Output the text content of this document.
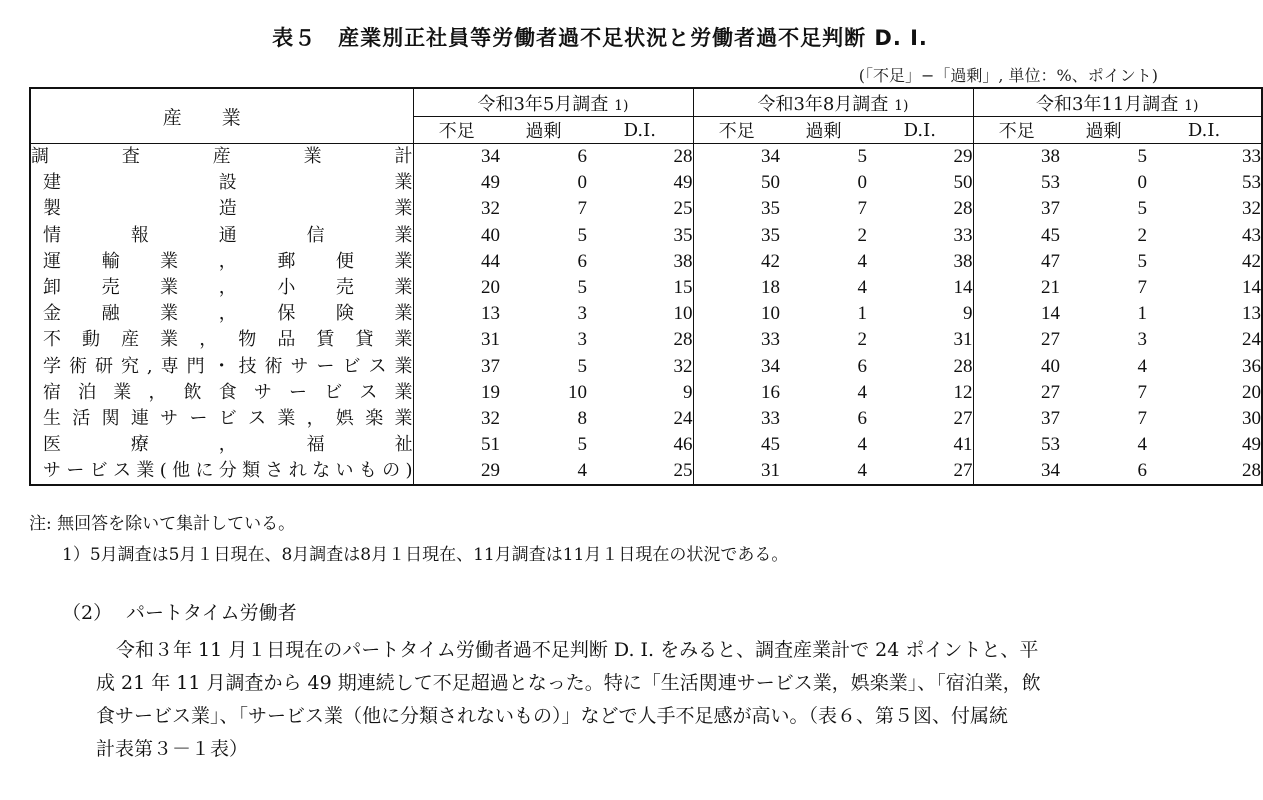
表５　産業別正社員等労働者過不足状況と労働者過不足判断 D. I.
(「不足」−「過剰」, 単位：%、ポイント)
産業	令和3年5月調査 1)			令和3年8月調査 1)			令和3年11月調査 1)		
	不足	過剰	D.I.	不足	過剰	D.I.	不足	過剰	D.I.

調査産業計	34	6	28	34	5	29	38	5	33

建設業	49	0	49	50	0	50	53	0	53

製造業	32	7	25	35	7	28	37	5	32

情報通信業	40	5	35	35	2	33	45	2	43

運輸業，郵便業	44	6	38	42	4	38	47	5	42

卸売業，小売業	20	5	15	18	4	14	21	7	14

金融業，保険業	13	3	10	10	1	9	14	1	13

不動産業，物品賃貸業	31	3	28	33	2	31	27	3	24

学術研究,専門・技術サービス業	37	5	32	34	6	28	40	4	36

宿泊業，飲食サービス業	19	10	9	16	4	12	27	7	20

生活関連サービス業，娯楽業	32	8	24	33	6	27	37	7	30

医療，福祉	51	5	46	45	4	41	53	4	49

サービス業(他に分類されないもの)	29	4	25	31	4	27	34	6	28
注: 無回答を除いて集計している。
1）5月調査は5月１日現在、8月調査は8月１日現在、11月調査は11月１日現在の状況である。
（2） パートタイム労働者

令和３年 11 月１日現在のパートタイム労働者過不足判断 D. I. をみると、調査産業計で 24 ポイントと、平

成 21 年 11 月調査から 49 期連続して不足超過となった。特に「生活関連サービス業，娯楽業」、「宿泊業，飲

食サービス業」、「サービス業（他に分類されないもの）」などで人手不足感が高い。（表６、第５図、付属統

計表第３－１表）
